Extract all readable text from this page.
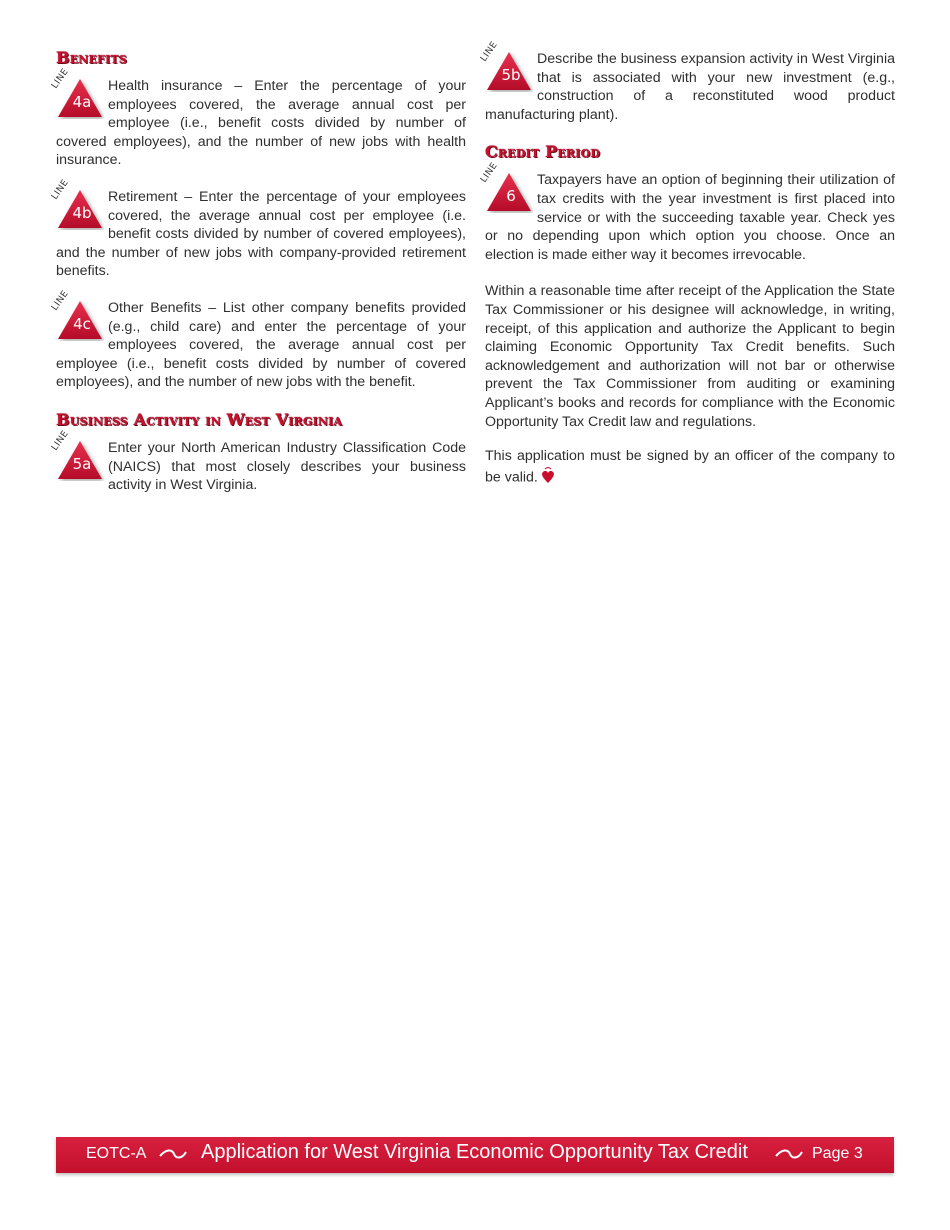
Benefits
LINE
4a

Health insurance – Enter the percentage of your employees covered, the average annual cost per employee (i.e., benefit costs divided by number of covered employees), and the number of new jobs with health insurance.

LINE
4b

Retirement – Enter the percentage of your employees covered, the average annual cost per employee (i.e. benefit costs divided by number of covered employees), and the number of new jobs with company-provided retirement benefits.

LINE
4c

Other Benefits – List other company benefits provided (e.g., child care) and enter the percentage of your employees covered, the average annual cost per employee (i.e., benefit costs divided by number of covered employees), and the number of new jobs with the benefit.

Business Activity in West Virginia
LINE
5a

Enter your North American Industry Classification Code (NAICS) that most closely describes your business activity in West Virginia.

LINE
5b

Describe the business expansion activity in West Virginia that is associated with your new investment (e.g., construction of a reconstituted wood product manufacturing plant).

Credit Period
LINE
6

Taxpayers have an option of beginning their utilization of tax credits with the year investment is first placed into service or with the succeeding taxable year. Check yes or no depending upon which option you choose. Once an election is made either way it becomes irrevocable.

Within a reasonable time after receipt of the Application the State Tax Commissioner or his designee will acknowledge, in writing, receipt, of this application and authorize the Applicant to begin claiming Economic Opportunity Tax Credit benefits. Such acknowledgement and authorization will not bar or otherwise prevent the Tax Commissioner from auditing or examining Applicant’s books and records for compliance with the Economic Opportunity Tax Credit law and regulations.

This application must be signed by an officer of the company to be valid.

EOTC-A	Application for West Virginia Economic Opportunity Tax Credit	Page 3
